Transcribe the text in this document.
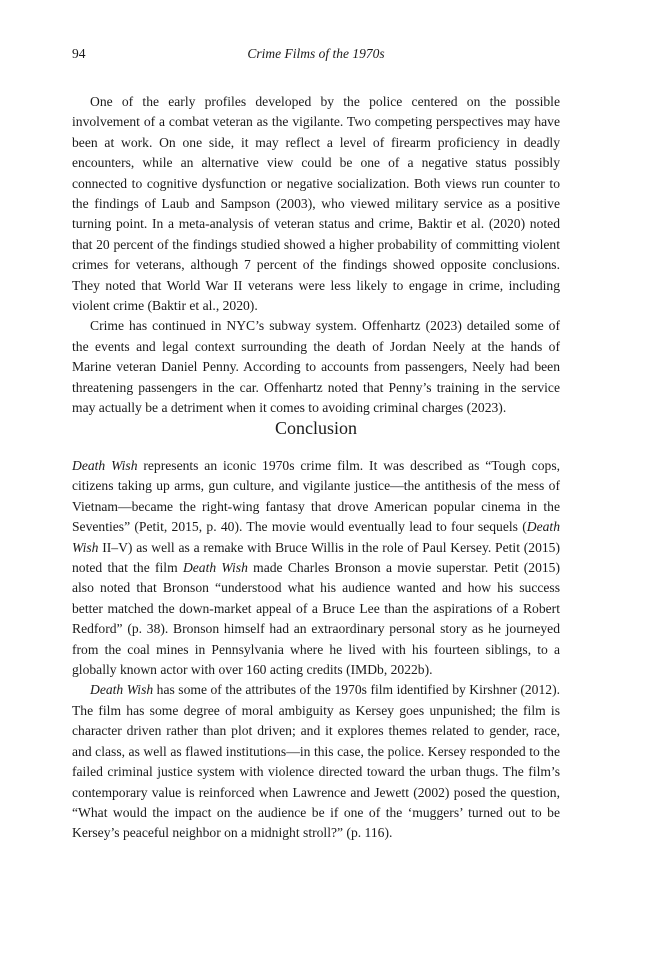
94	Crime Films of the 1970s

One of the early profiles developed by the police centered on the possible involvement of a combat veteran as the vigilante. Two competing perspectives may have been at work. On one side, it may reflect a level of firearm proficiency in deadly encounters, while an alternative view could be one of a negative status possibly connected to cognitive dysfunction or negative socialization. Both views run counter to the findings of Laub and Sampson (2003), who viewed military service as a positive turning point. In a meta-analysis of veteran status and crime, Baktir et al. (2020) noted that 20 percent of the findings studied showed a higher probability of committing violent crimes for veterans, although 7 percent of the findings showed opposite conclusions. They noted that World War II veterans were less likely to engage in crime, including violent crime (Baktir et al., 2020).

Crime has continued in NYC’s subway system. Offenhartz (2023) detailed some of the events and legal context surrounding the death of Jordan Neely at the hands of Marine veteran Daniel Penny. According to accounts from passengers, Neely had been threatening passengers in the car. Offenhartz noted that Penny’s training in the service may actually be a detriment when it comes to avoiding criminal charges (2023).

Conclusion

Death Wish represents an iconic 1970s crime film. It was described as “Tough cops, citizens taking up arms, gun culture, and vigilante justice—the antithesis of the mess of Vietnam—became the right-wing fantasy that drove American popular cinema in the Seventies” (Petit, 2015, p. 40). The movie would eventually lead to four sequels (Death Wish II–V) as well as a remake with Bruce Willis in the role of Paul Kersey. Petit (2015) noted that the film Death Wish made Charles Bronson a movie superstar. Petit (2015) also noted that Bronson “understood what his audience wanted and how his success better matched the down-market appeal of a Bruce Lee than the aspirations of a Robert Redford” (p. 38). Bronson himself had an extraordinary personal story as he journeyed from the coal mines in Pennsylvania where he lived with his fourteen siblings, to a globally known actor with over 160 acting credits (IMDb, 2022b).

Death Wish has some of the attributes of the 1970s film identified by Kirshner (2012). The film has some degree of moral ambiguity as Kersey goes unpunished; the film is character driven rather than plot driven; and it explores themes related to gender, race, and class, as well as flawed institutions—in this case, the police. Kersey responded to the failed criminal justice system with violence directed toward the urban thugs. The film’s contemporary value is reinforced when Lawrence and Jewett (2002) posed the question, “What would the impact on the audience be if one of the ‘muggers’ turned out to be Kersey’s peaceful neighbor on a midnight stroll?” (p. 116).
